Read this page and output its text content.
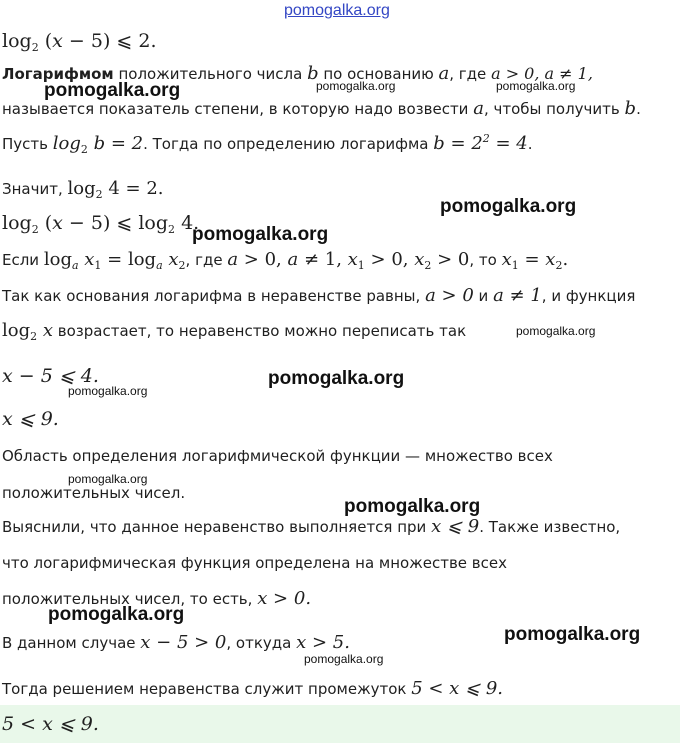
pomogalka.org
$\log_2 (x - 5)$ ⩽ 2.
Логарифмом положительного числа b по основанию a, где a > 0, a ≠ 1,
называется показатель степени, в которую надо возвести a, чтобы получить b.
Пусть $\log_2 b = 2$. Тогда по определению логарифма $b = 2^2 = 4$.
Значит, $\log_2 4 = 2$.
$\log_2 (x - 5)$ ⩽ $\log_2 4$.
Если $\log_a x_1 = \log_a x_2$, где a > 0, a ≠ 1, $x_1 > 0$, $x_2 > 0$, то $x_1 = x_2$.
Так как основания логарифма в неравенстве равны, a > 0 и a ≠ 1, и функция
$\log_2 x$ возрастает, то неравенство можно переписать так
x − 5 ⩽ 4.
x ⩽ 9.
Область определения логарифмической функции — множество всех
положительных чисел.
Выяснили, что данное неравенство выполняется при x ⩽ 9. Также известно,
что логарифмическая функция определена на множестве всех
положительных чисел, то есть, x > 0.
В данном случае x − 5 > 0, откуда x > 5.
Тогда решением неравенства служит промежуток 5 < x ⩽ 9.
5 < x ⩽ 9.
pomogalka.org	pomogalka.org	pomogalka.org
pomogalka.org
pomogalka.org
pomogalka.org
pomogalka.org
pomogalka.org
pomogalka.org
pomogalka.org
pomogalka.org
pomogalka.org
pomogalka.org
